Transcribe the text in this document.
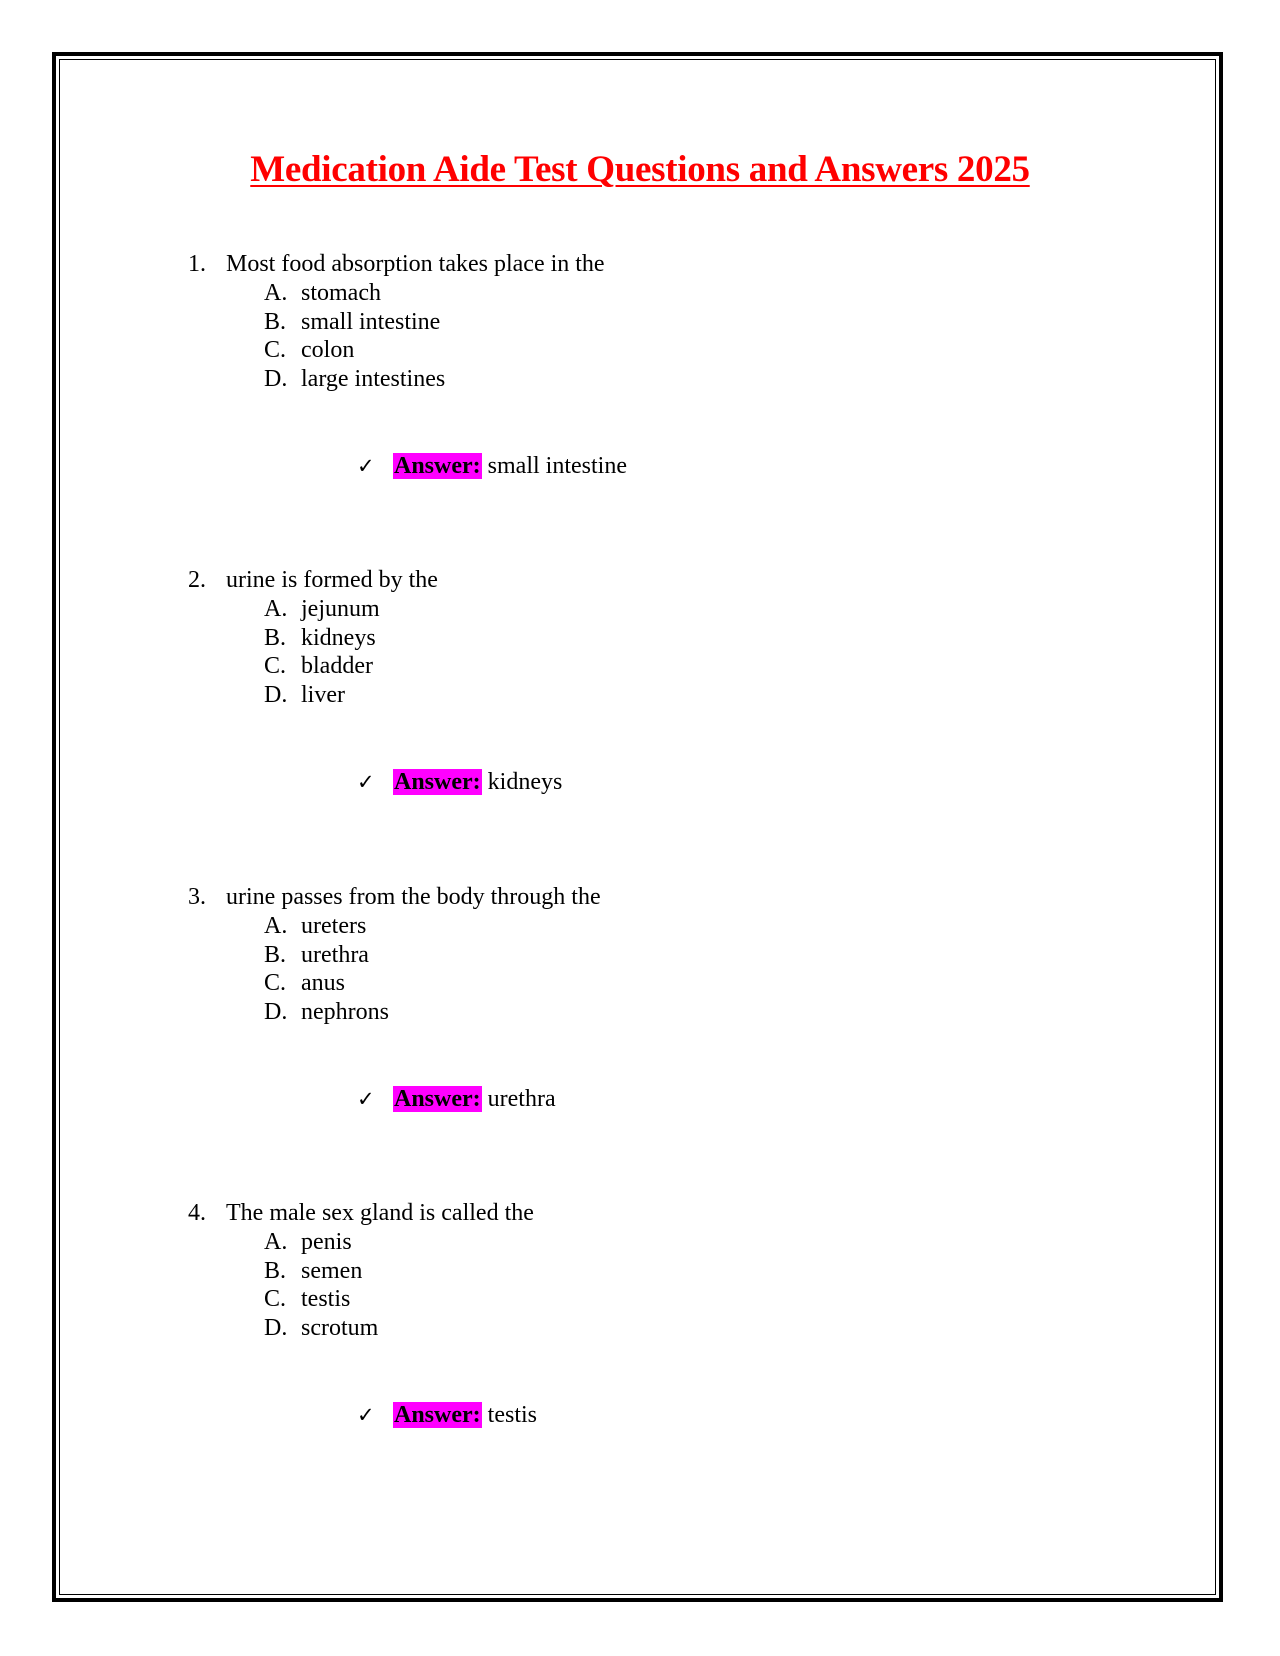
Medication Aide Test Questions and Answers 2025
1. Most food absorption takes place in the
A. stomach
B. small intestine
C. colon
D. large intestines
✓ Answer: small intestine
2. urine is formed by the
A. jejunum
B. kidneys
C. bladder
D. liver
✓ Answer: kidneys
3. urine passes from the body through the
A. ureters
B. urethra
C. anus
D. nephrons
✓ Answer: urethra
4. The male sex gland is called the
A. penis
B. semen
C. testis
D. scrotum
✓ Answer: testis
